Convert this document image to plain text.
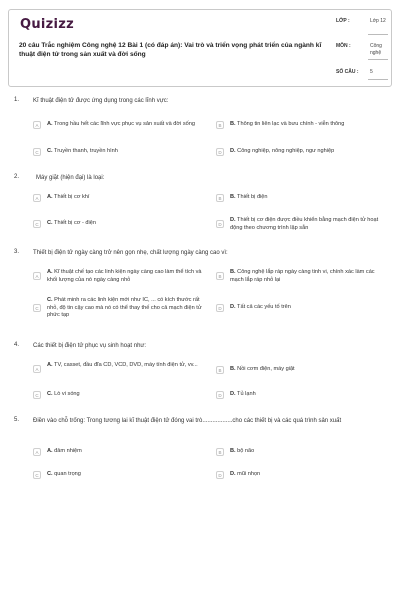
Quizizz
20 câu Trắc nghiệm Công nghệ 12 Bài 1 (có đáp án): Vai trò và triển vọng phát triển của ngành kĩ thuật điện tử trong sản xuất và đời sống
LỚP :	Lớp 12
MÔN :	Công nghệ
SỐ CÂU : 5
1. Kĩ thuật điện tử được ứng dụng trong các lĩnh vực:
A	A. Trong hầu hết các lĩnh vực phục vụ sản xuất và đời sống	B	B. Thông tin liên lạc và bưu chính - viễn thông
C	C. Truyền thanh, truyền hình	D	D. Công nghiệp, nông nghiệp, ngư nghiệp
2.	Máy giặt (hiện đại) là loại:
A	A. Thiết bị cơ khí	B	B. Thiết bị điện
C	C. Thiết bị cơ - điện	D
D. Thiết bị cơ điện được điều khiển bằng mạch điện tử hoạt động theo chương trình lập sẵn
3. Thiết bị điện tử ngày càng trở nên gọn nhẹ, chất lượng ngày càng cao vì:
A
A. Kĩ thuật chế tạo các linh kiện ngày càng cao làm thể tích và khối lượng của nó ngày càng nhỏ	B
B. Công nghệ lắp ráp ngày càng tinh vi, chính xác làm các mạch lắp ráp nhỏ lại
C
C. Phát minh ra các linh kiện mới như IC, ... có kích thước rất nhỏ, độ tin cậy cao mà nó có thể thay thế cho cả mạch điện tử phức tạp
D	D. Tất cả các yếu tố trên
4. Các thiết bị điện tử phục vụ sinh hoạt như:
A
A. TV, casset, đầu đĩa CD, VCD, DVD, máy tính điện tử, vv...
B	B. Nồi cơm điện, máy giặt
C	C. Lò vi sóng	D	D. Tủ lạnh
5. Điền vào chỗ trống: Trong tương lai kĩ thuật điện tử đóng vai trò..................cho các thiết bị và các quá trình sản xuất
A	A. đảm nhiệm	B	B. bộ não
C	C. quan trọng	D	D. mũi nhọn
